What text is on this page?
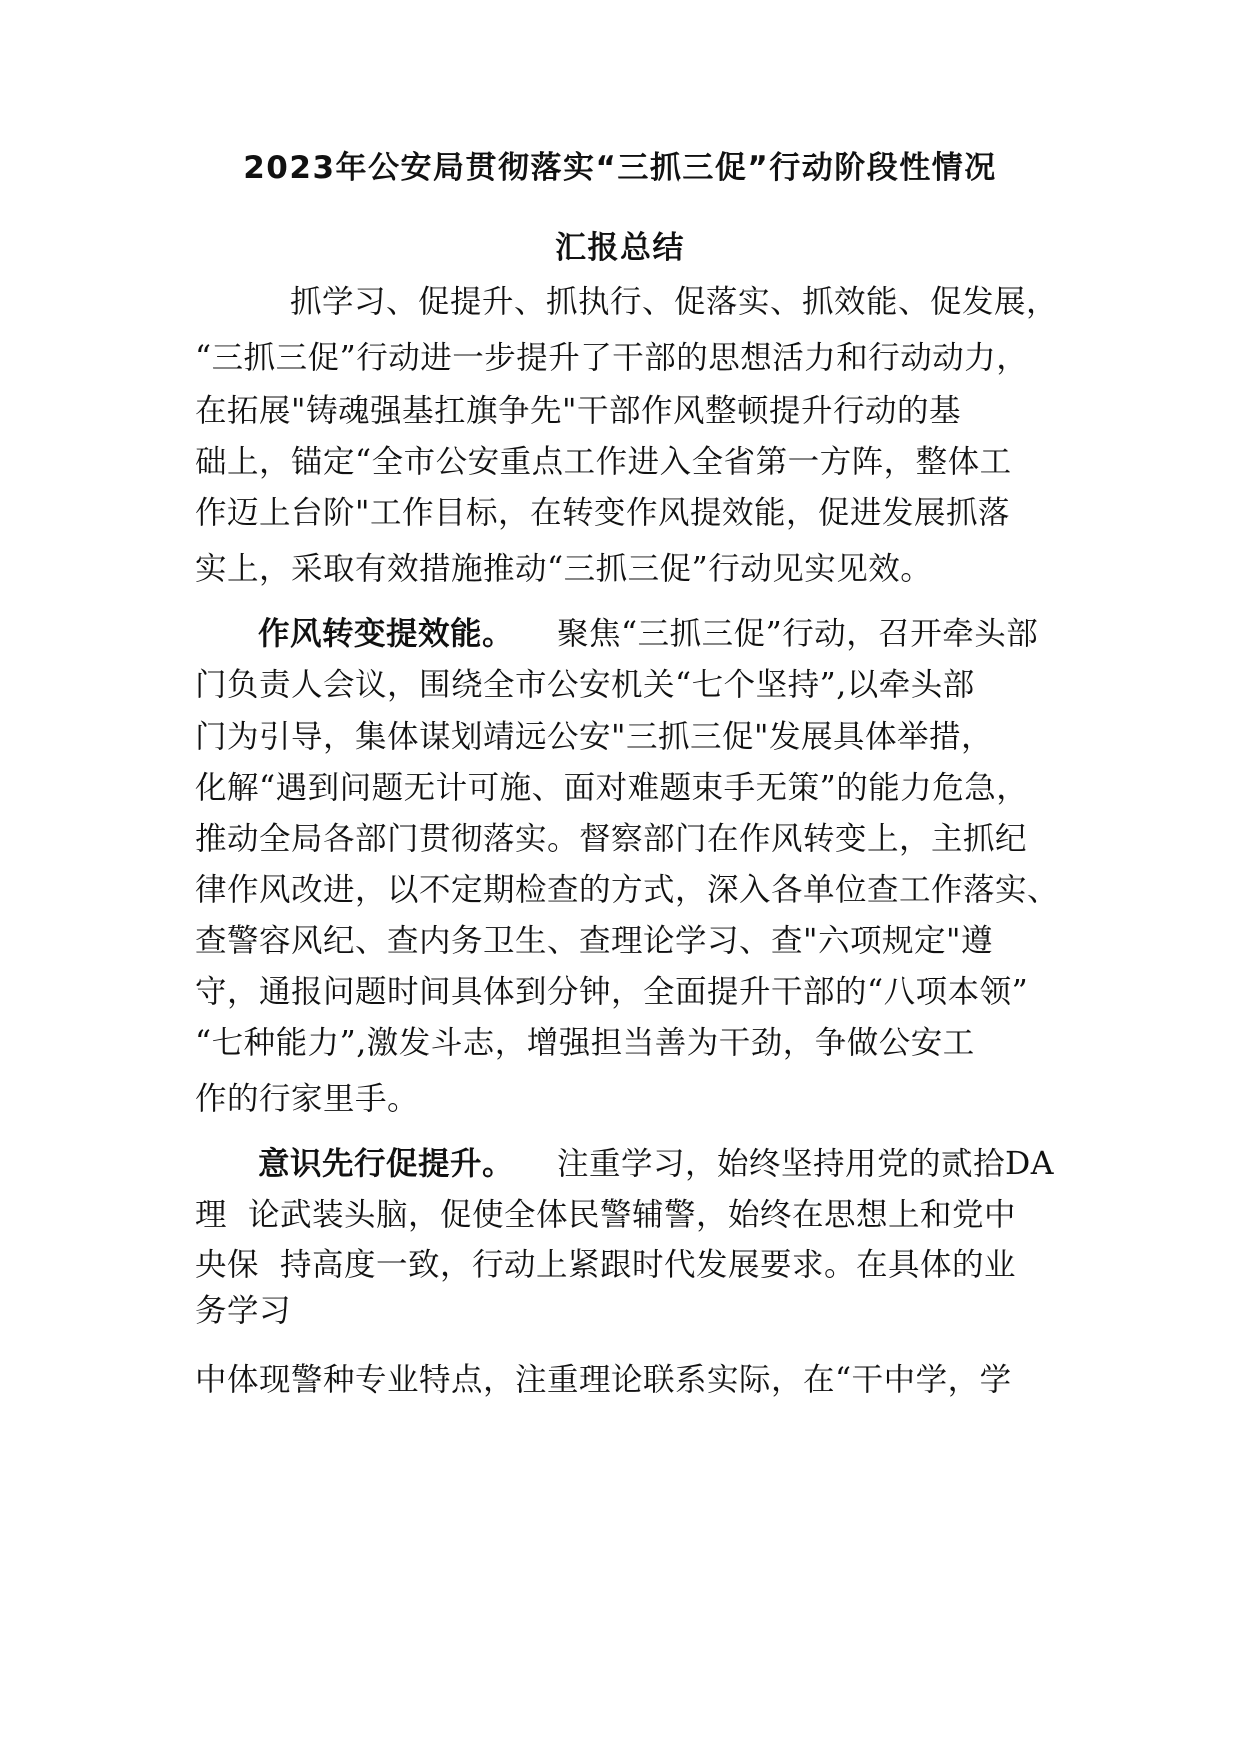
2023年公安局贯彻落实“三抓三促”行动阶段性情况
汇报总结
抓学习、促提升、抓执行、促落实、抓效能、促发展，
“三抓三促”行动进一步提升了干部的思想活力和行动动力，
在拓展"铸魂强基扛旗争先"干部作风整顿提升行动的基
础上，锚定“全市公安重点工作进入全省第一方阵，整体工
作迈上台阶"工作目标，在转变作风提效能，促进发展抓落
实上，采取有效措施推动“三抓三促”行动见实见效。
作风转变提效能。 聚焦“三抓三促”行动，召开牵头部
门负责人会议，围绕全市公安机关“七个坚持”,以牵头部
门为引导，集体谋划靖远公安"三抓三促"发展具体举措，
化解“遇到问题无计可施、面对难题束手无策”的能力危急，
推动全局各部门贯彻落实。督察部门在作风转变上，主抓纪
律作风改进，以不定期检查的方式，深入各单位查工作落实、
查警容风纪、查内务卫生、查理论学习、查"六项规定"遵
守，通报问题时间具体到分钟，全面提升干部的“八项本领”
“七种能力”,激发斗志，增强担当善为干劲，争做公安工
作的行家里手。
意识先行促提升。 注重学习，始终坚持用党的贰拾DA
理  论武装头脑，促使全体民警辅警，始终在思想上和党中
央保  持高度一致，行动上紧跟时代发展要求。在具体的业
务学习
中体现警种专业特点，注重理论联系实际，在“干中学，学
